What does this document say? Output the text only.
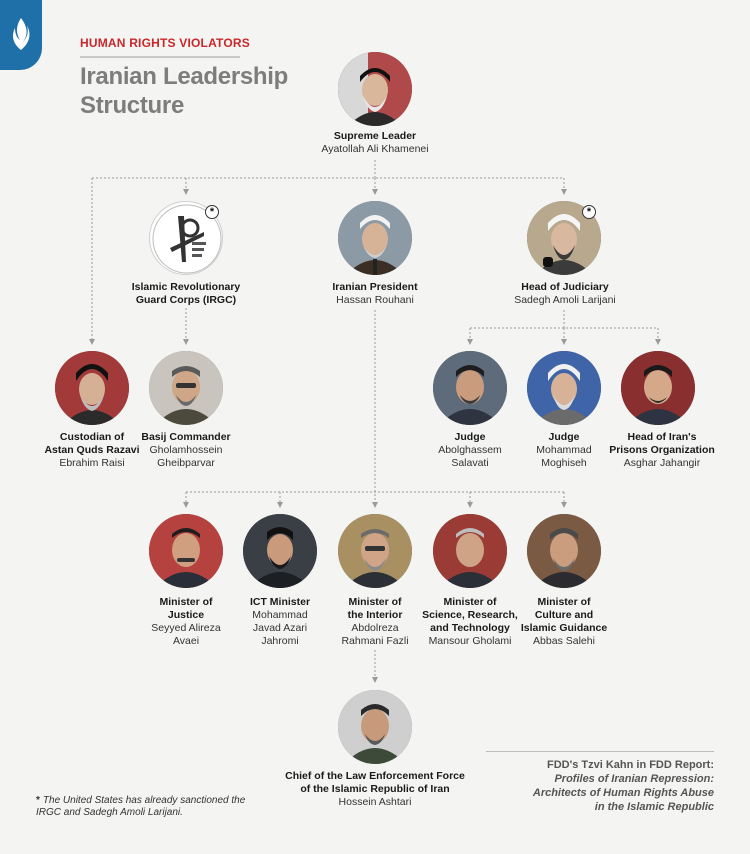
HUMAN RIGHTS VIOLATORS
Iranian Leadership Structure
Supreme Leader
Ayatollah Ali Khamenei
*
Islamic Revolutionary
Guard Corps (IRGC)
Iranian President
Hassan Rouhani
*
Head of Judiciary
Sadegh Amoli Larijani
Custodian of
Astan Quds Razavi
Ebrahim Raisi
Basij Commander
Gholamhossein
Gheibparvar
Judge
Abolghassem
Salavati
Judge
Mohammad
Moghiseh
Head of Iran's
Prisons Organization
Asghar Jahangir
Minister of
Justice
Seyyed Alireza
Avaei
ICT Minister
Mohammad
Javad Azari
Jahromi
Minister of
the Interior
Abdolreza
Rahmani Fazli
Minister of
Science, Research,
and Technology
Mansour Gholami
Minister of
Culture and
Islamic Guidance
Abbas Salehi
Chief of the Law Enforcement Force
of the Islamic Republic of Iran
Hossein Ashtari
* The United States has already sanctioned the IRGC and Sadegh Amoli Larijani.
FDD's Tzvi Kahn in FDD Report:
Profiles of Iranian Repression:
Architects of Human Rights Abuse
in the Islamic Republic
